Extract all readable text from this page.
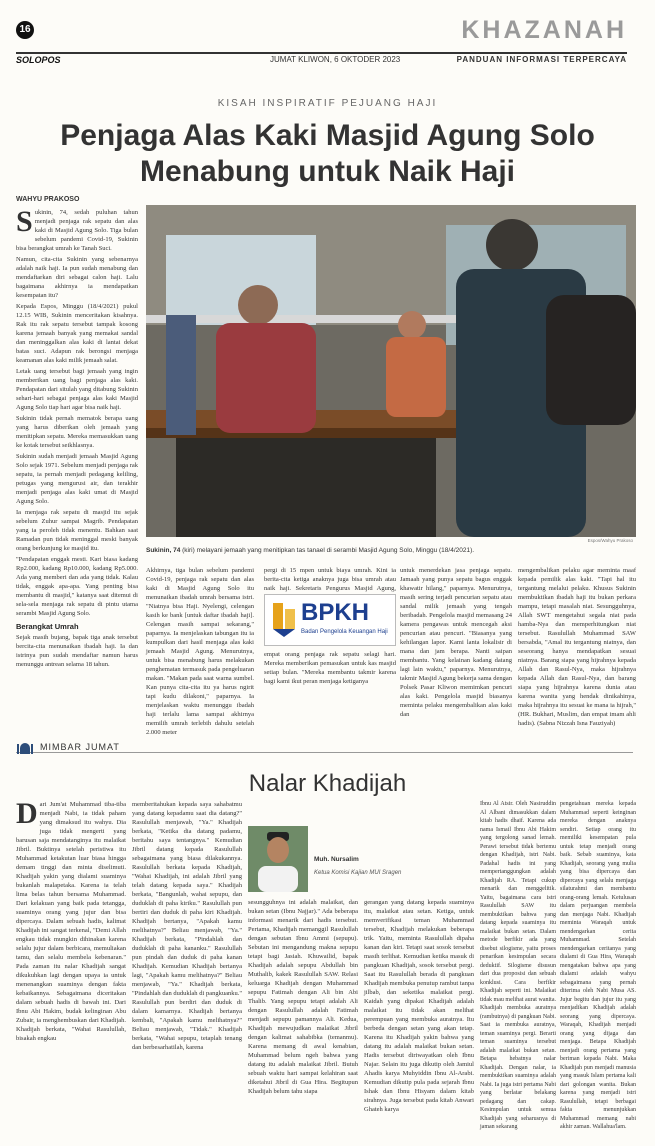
16	KHAZANAH
SOLOPOS	JUMAT KLIWON, 6 OKTODER 2023	PANDUAN INFORMASI TERPERCAYA
KISAH INSPIRATIF PEJUANG HAJI
Penjaga Alas Kaki Masjid Agung Solo Menabung untuk Naik Haji
WAHYU PRAKOSO
S ukinin, 74, sedah puluhan tahun menjadi penjaga rak sepatu dan alas kaki di Masjid Agung Solo. Tiga bulan sebelum pandemi Covid-19, Sukinin bisa berangkat umrah ke Tanah Suci.

Namun, cita-cita Sukinin yang sebenarnya adalah naik haji. Ia pun sudah menabung dan mendaftarkan diri sebagai calon haji. Lalu bagaimana akhirnya ia mendapatkan kesempatan itu?

Kepada Espos, Minggu (18/4/2021) pukul 12.15 WIB, Sukinin menceritakan kisahnya. Rak itu rak sepatu tersebut tampak kosong karena jemaah banyak yang memakai sandal dan meninggalkan alas kaki di lantai dekat batas suci. Adapun rak berongsi menjaga keamanan alas kaki milik jemaah salat.

Letak uang tersebut bagi jemaah yang ingin memberikan uang bagi penjaga alas kaki. Pendapatan dari situlah yang ditabung Sukinin sehari-hari sebagai penjaga alas kaki Masjid Agung Solo tiap hari agar bisa naik haji.

Sukinin tidak pernah mematok berapa uang yang harus diberikan oleh jemaah yang menitipkan sepatu. Mereka memasukkan uang ke kotak tersebut seikhlasnya.

Sukinin sudah menjadi jemaah Masjid Agung Solo sejak 1971. Sebelum menjadi penjaga rak sepatu, ia pernah menjadi pedagang keliling, petugas yang mengurusi air, dan terakhir menjadi penjaga alas kaki umat di Masjid Agung Solo.

Ia menjaga rak sepatu di masjid itu sejak sebelum Zuhur sampai Magrib. Pendapatan yang ia peroleh tidak menentu. Bahkan saat Ramadan pun tidak meninggal meski banyak orang berkunjung ke masjid itu.

"Pendapatan enggak mesti. Kari biasa kadang Rp2.000, kadang Rp10.000, kadang Rp5.000. Ada yang memberi dan ada yang tidak. Kalau tidak, enggak apa-apa. Yang penting bisa membantu di masjid," katanya saat ditemui di sela-sela menjaga rak sepatu di pintu utama serambi Masjid Agung Solo.

Berangkat Umrah

Sejak masih bujang, bapak tiga anak tersebut bercita-cita menunaikan ibadah haji. Ia dan istrinya pun sudah mendaftar namun harus menunggu antrean selama 18 tahun.

Espos/Wahyu Prakoso
Sukinin, 74 (kiri) melayani jemaah yang menitipkan tas tanael di serambi Masjid Agung Solo, Minggu (18/4/2021).

Akhirnya, tiga bulan sebelum pandemi Covid-19, penjaga rak sepatu dan alas kaki di Masjid Agung Solo itu menunaikan ibadah umrah bersama istri. "Niatnya bisa Haji. Nyelengi, celengan kasih ke bank [untuk daftar ibadah haji]. Celengan masih sampai sekarang," paparnya. Ia menjelaskan tabungan itu ia kumpulkan dari hasil menjaga alas kaki jemaah Masjid Agung. Menurutnya, untuk bisa menabung harus melakukan penghematan termasuk pada pengeluaran makan. "Makan pada saat warna sumbel. Kan punya cita-cita itu ya harus ngirit tapi kudu dilakoni," paparnya. Ia menjelaskan waktu menunggu ibadah haji terlalu lama sampai akhirnya memilih umrah terlebih dahulu setelah 2.000 meter

pergi di 15 mpen untuk biaya umrah. Kini ia berita-cita ketiga anaknya juga bisa umrah atau naik haji. Sekretaris Pengurus Masjid Agung,

BPKH
Badan Pengelola Keuangan Haji

empat orang penjaga rak sepatu selagi hari. Mereka memberikan pemasukan untuk kas masjid setiap bulan. "Mereka membantu takmir karena bagi kami ikut peran menjaga ketiganya

untuk menerdekan jasa penjaga sepatu. Jamaah yang punya sepatu bagus enggak khawatir hilang," paparnya. Menurutnya, masih sering terjadi pencurian sepatu atau sandal milik jemaah yang tengah beribadah. Pengelola masjid memasang 24 kamera pengawas untuk mencegah aksi pencurian atau pencuri. "Biasanya yang kehilangan lapor. Kami lanta lokalisir di mana dan jam berapa. Nanti saipan membantu. Yang kelainan kadang datang lagi lain waktu," paparnya. Menurutnya, takmir Masjid Agung bekerja sama dengan Polsek Pasar Kliwon memimkan pencuri alas kaki. Pengelola masjid biasanya meminta pelaku mengembalikan alas kaki dan

mengembalikan pelaku agar meminta maaf kepada pemilik alas kaki. "Tapi hal itu tergantung melalui pelaku. Khusus Sukinin membuktikan ibadah haji itu bukan perkara mampu, tetapi masalah niat. Sesungguhnya, Allah SWT mengetahui segala niat pada hamba-Nya dan memperhitungkan niat tersebut. Rasulullah Muhammad SAW bersabda, "Amal itu tergantung niatnya, dan seseorang hanya mendapatkan sesuai niatnya. Barang siapa yang hijrahnya kepada Allah dan Rasul-Nya, maka hijrahnya kepada Allah dan Rasul-Nya, dan barang siapa yang hijrahnya karena dunia atau karena wanita yang hendak dinikahinya, maka hijrahnya itu sesuai ke mana ia hijrah," (HR. Bukhari, Muslim, dan empat imam ahli hadis). (Sabna Nizzah Isna Fauziyah)

MIMBAR JUMAT
Nalar Khadijah
Muh. Nursalim
Ketua Komisi Kajian MUI Sragen
D ari Jum'at Muhammad tiba-tiba menjadi Nabi, ia tidak paham yang dimaksud itu wahyu. Dia juga tidak mengerti yang barusan saja mendatanginya itu malaikat Jibril. Buktinya setelah peristiwa itu Muhammad ketakutan luar biasa hingga demam tinggi dan minta diselimuti. Khadijah yakin yang dialami suaminya bukanlah malapetaka. Karena ia telah lima belas tahun bersama Muhammad. Dari kelakuan yang baik pada tetangga, suaminya orang yang jujur dan bisa dipercaya. Dalam sebuah hadis, kalimat Khadijah ini sangat terkenal, "Demi Allah engkau tidak mungkin dihinakan karena selalu jujur dalam berbicara, memuliakan tamu, dan selalu membela kebenaran." Pada zaman itu nalar Khadijah sangat dikukuhkan lagi dengan upaya ia untuk menenangkan suaminya dengan fakta kebaikannya. Sebagaimana diceritakan dalam sebuah hadis di bawah ini. Dari Ibnu Abi Hakim, budak kelinginan Abu Zubair, ia menghembuskan dari Khadijah. Khadijah berkata, "Wahai Rasulullah, bisakah engkau

memberitahukan kepada saya sahabatmu yang datang kepadamu saat dia datang?" Rasulullah menjawab, "Ya." Khadijah berkata, "Ketika dia datang padamu, beritahu saya tentangnya." Kemudian Jibril datang kepada Rasulullah sebagaimana yang biasa dilakukannya. Rasulullah berkata kepada Khadijah, "Wahai Khadijah, ini adalah Jibril yang telah datang kepada saya." Khadijah berkata, "Bangunlah, wahai sepupu, dan duduklah di paha kiriku." Rasulullah pun bertiri dan duduk di paha kiri Khadijah. Khadijah bertanya, "Apakah kamu melihatnya?" Beliau menjawab, "Ya." Khadijah berkata, "Pindahlah dan duduklah di paha kananku." Rasulullah pun pindah dan duduk di paha kanan Khadijah. Kemudian Khadijah bertanya lagi, "Apakah kamu melihatnya?" Beliau menjawab, "Ya." Khadijah berkata, "Pindahlah dan duduklah di pangkuanku." Rasulullah pun berdiri dan duduk di dalam kamarnya. Khadijah bertanya kembali, "Apakah kamu melihatnya?" Beliau menjawab, "Tidak." Khadijah berkata, "Wahai sepupu, tetaplah tenang dan berbesarhatilah, karena

sesungguhnya ini adalah malaikat, dan bukan setan (Ibnu Najjar)." Ada beberapa informasi menarik dari hadis tersebut. Pertama, Khadijah memanggil Rasulullah dengan sebutan Ibnu Ammi (sepupu). Sebutan ini mengandung makna sepupu tetapi bagi Jasiah. Khuwailid, bapak Khadijah adalah sepupu Abdullah bin Muthalib, kakek Rasulullah SAW. Relasi keluarga Khadijah dengan Muhammad sepupu Fatimah dengan Ali bin Abi Thalib. Yang sepupu tetapi adalah Ali dengan Rasulullah adalah Fatimah menjadi sepupu pamannya Ali. Kedua, Khadijah mewujudkan malaikat Jibril dengan kalimat sahabibka (temanmu). Karena memang di awal kenabian, Muhammad belum ngeh bahwa yang datang itu adalah malaikat Jibril. Butuh sebuah waktu hari sampai kelahiran saat diketahui Jibril di Gua Hira. Begitupun Khadijah belum tahu siapa

gerangan yang datang kepada suaminya itu, malaikat atau setan. Ketiga, untuk memverifikasi teman Muhammad tersebut, Khadijah melakukan beberapa trik. Yaitu, meminta Rasulullah dipaha kanan dan kiri. Tetapi saat sosok tersebut masih terlihat. Kemudian ketika masuk di pangkuan Khadijah, sosok tersebut pergi. Saat itu Rasulullah berada di pangkuan Khadijah membuka penutup rambut tanpa jilbab, dan seketika malaikat pergi. Kaidah yang dipakai Khadijah adalah malaikat itu tidak akan melihat perempuan yang membuka auratnya. Itu berbeda dengan setan yang akan tetap. Karena itu Khadijah yakin bahwa yang datang itu adalah malaikat bukan setan. Hadis tersebut diriwayatkan oleh Ibnu Najar. Selain itu juga dikutip oleh Jamiul Ahadis karya Muhyiddin Ibnu Al-Arabi. Kemudian dikutip pula pada sejarah Ibnu Ishak dan Ibnu Hisyam dalam kitab sirahnya. Juga tersebut pada kitab Anwari Ghateh karya

Ibnu Al Atsir. Oleh Nasiruddin Al Albani dimasukkan dalam kitab hadis dhaif. Karena ada nama Ismail Ibnu Abi Hakim yang tergolong sanad lemah. Perawi tersebut tidak bertemu dengan Khadijah, istri Nabi. Padahal hadis ini yang mempertanggungkan adalah Khadijah RA. Tetapi cukup menarik dan menggelitik. Yaitu, bagaimana cara istri Rasulullah SAW itu membuktikan bahwa yang datang kepada suaminya itu malaikat bukan setan. Dalam metode berfikir ada yang disebut silogisme, yaitu proses penarikan kesimpulan secara deduktif. Silogisme disusun dari dua proposisi dan sebuah konklusi. Cara berfikir Khadijah seperti ini. Malaikat tidak mau melihat aurat wanita. Khadijah membuka auratnya (rambutnya) di pangkuan Nabi. Saat ia membuka auratnya, teman suaminya pergi. Berarti teman suaminya tersebut adalah malaikat bukan setan. Betapa hebatnya nalar Khadijah. Dengan nalar, ia membuktikan suaminya adalah Nabi. Ia juga istri pertama Nabi yang berlatar belakang pedagang dan cakap. Kesimpulan untuk semua Khadijah yang seharusnya di jaman sekarang

pengetahuan mereka kepada Muhammad seperti keinginan mereka dengan anaknya sendiri. Setiap orang itu memiliki kesempatan pula untuk tetap menjadi orang baik. Sebab suaminya, kata Khadijah, seorang yang mulia yang bisa dipercaya dan dipercaya yang selalu menjaga silaturahmi dan membantu orang-orang lemah. Ketulusan dalam perjuangan membela dan menjaga Nabi. Khadijah meminta Waraqah untuk mendengarkan cerita Muhammad. Setelah mendengarkan ceritanya yang dialami di Gua Hira, Waraqah mengatakan bahwa apa yang dialami adalah wahyu sebagaimana yang pernah diterima oleh Nabi Musa AS. Jujur begitu dan jujur itu yang menjadikan Khadijah adalah seorang yang dipercaya. Waraqah, Khadijah menjadi orang yang dijaga dan menjaga. Betapa Khadijah menjadi orang pertama yang beriman kepada Nabi. Maka Khadijah pun menjadi manusia yang masuk Islam pertama kali dari golongan wanita. Bukan karena yang menjadi istri Rasulullah, tetapi berbagai fakta menunjukkan Muhammad memang nabi akhir zaman. Wallahua'lam.
